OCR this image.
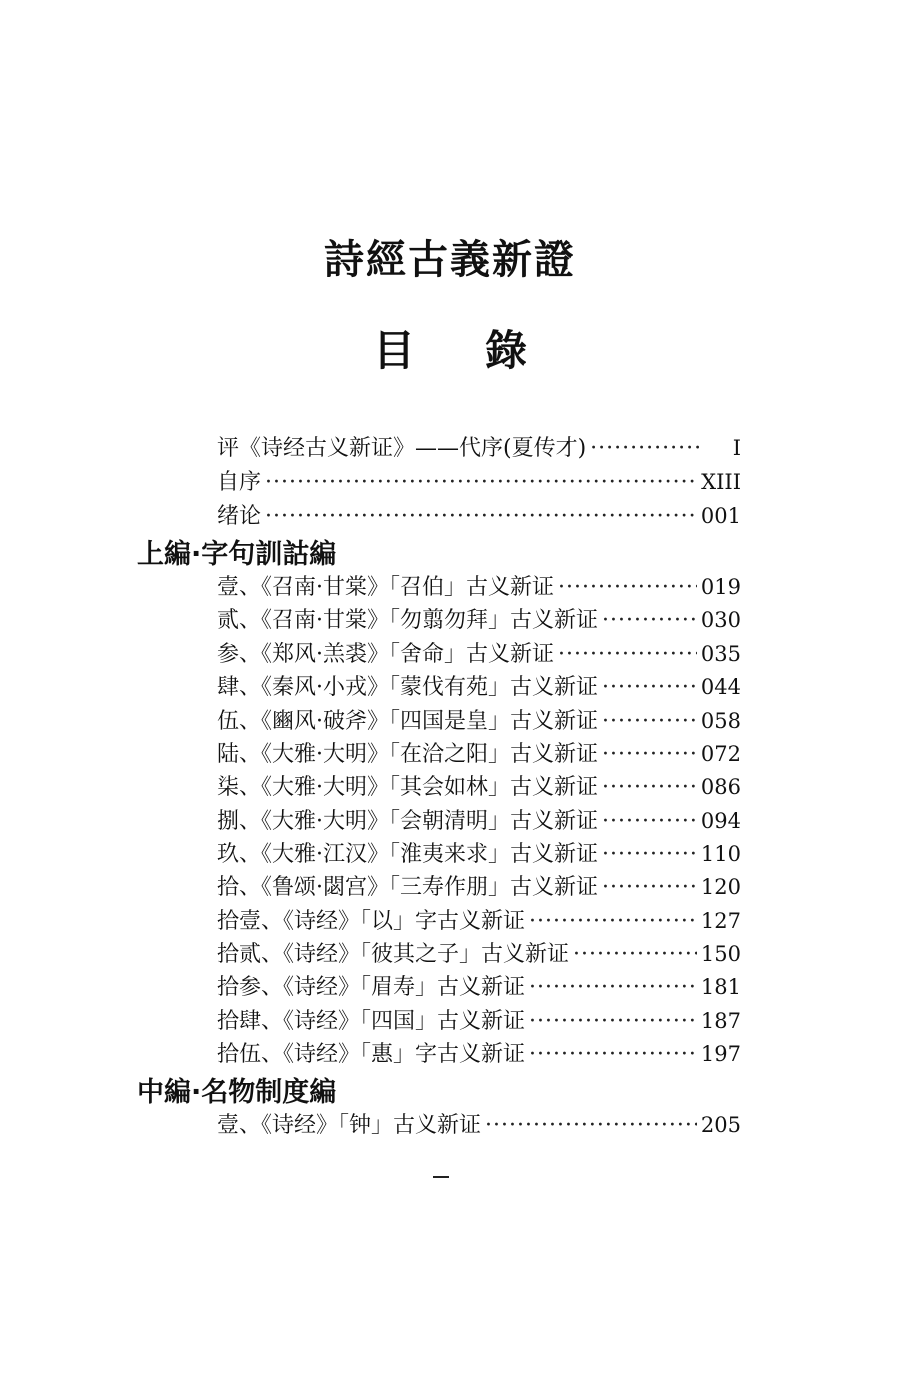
詩經古義新證
目錄
评《诗经古义新证》——代序(夏传才) ·····	I
自序 ·····	XIII
绪论 ·····	001
上編·字句訓詁編
壹、《召南·甘棠》「召伯」古义新证 ·····	019
贰、《召南·甘棠》「勿翦勿拜」古义新证 ·····	030
参、《郑风·羔裘》「舍命」古义新证 ·····	035
肆、《秦风·小戎》「蒙伐有苑」古义新证 ·····	044
伍、《豳风·破斧》「四国是皇」古义新证 ·····	058
陆、《大雅·大明》「在洽之阳」古义新证 ·····	072
柒、《大雅·大明》「其会如林」古义新证 ·····	086
捌、《大雅·大明》「会朝清明」古义新证 ·····	094
玖、《大雅·江汉》「淮夷来求」古义新证 ·····	110
拾、《鲁颂·閟宫》「三寿作朋」古义新证 ·····	120
拾壹、《诗经》「以」字古义新证 ·····	127
拾贰、《诗经》「彼其之子」古义新证 ·····	150
拾参、《诗经》「眉寿」古义新证 ·····	181
拾肆、《诗经》「四国」古义新证 ·····	187
拾伍、《诗经》「惠」字古义新证 ·····	197
中編·名物制度編
壹、《诗经》「钟」古义新证 ·····	205
